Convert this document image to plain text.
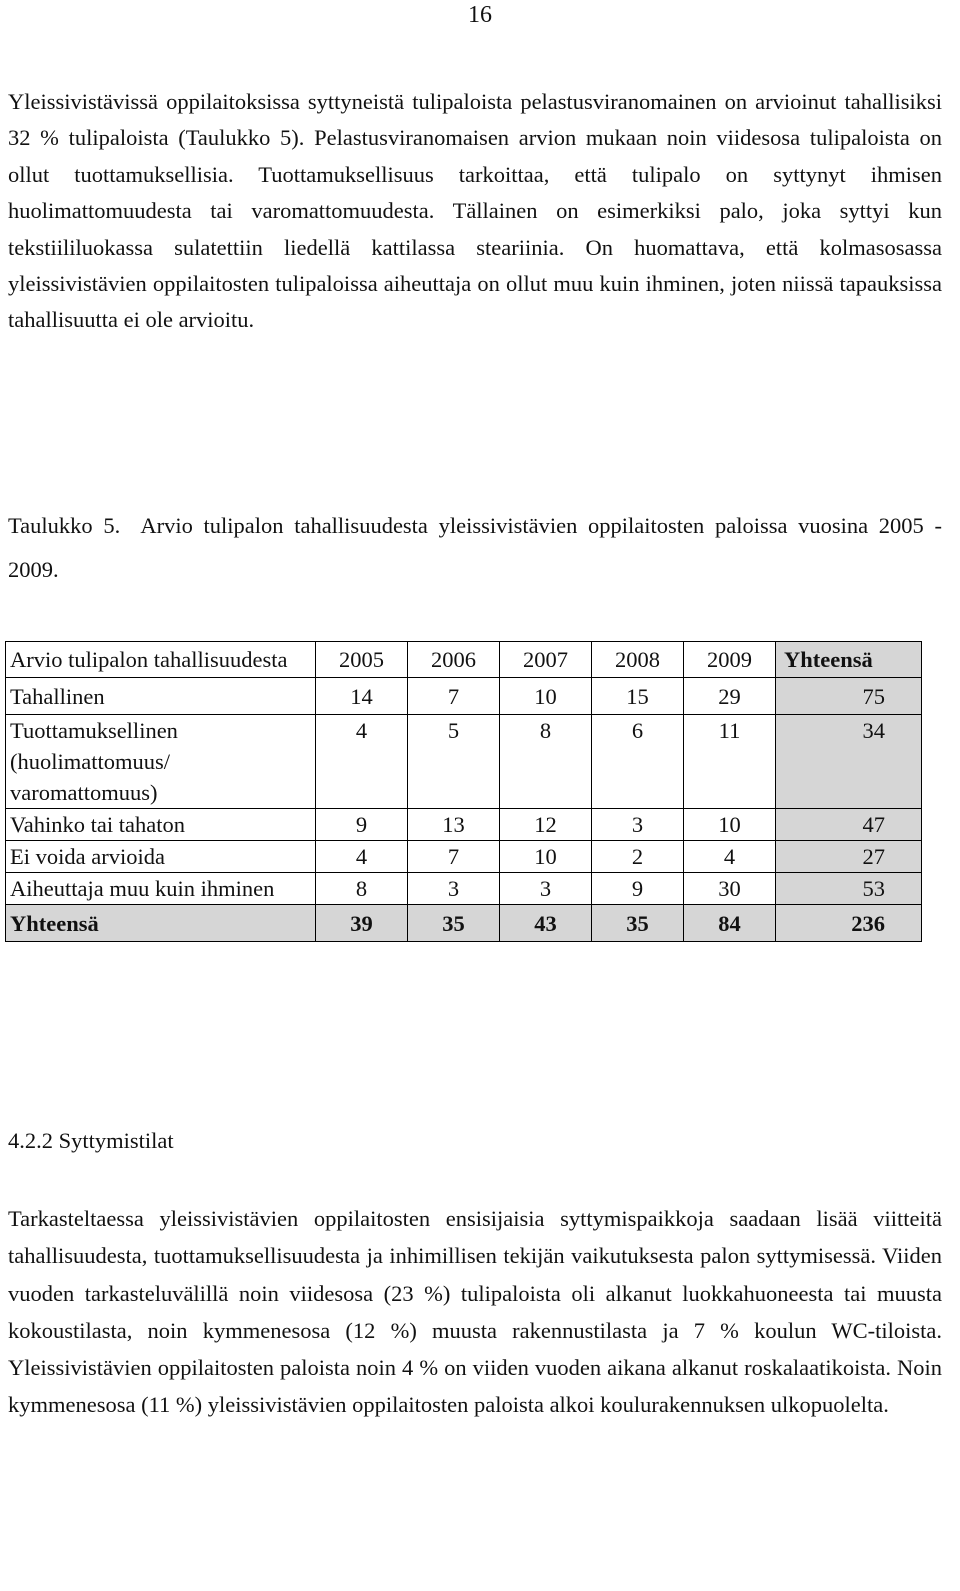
16

Yleissivistävissä oppilaitoksissa syttyneistä tulipaloista pelastusviranomainen on arvioinut tahallisiksi 32 % tulipaloista (Taulukko 5). Pelastusviranomaisen arvion mukaan noin viidesosa tulipaloista on ollut tuottamuksellisia. Tuottamuksellisuus tarkoittaa, että tulipalo on syttynyt ihmisen huolimattomuudesta tai varomattomuudesta. Tällainen on esimerkiksi palo, joka syttyi kun tekstiililuokassa sulatettiin liedellä kattilassa steariinia. On huomattava, että kolmasosassa yleissivistävien oppilaitosten tulipaloissa aiheuttaja on ollut muu kuin ihminen, joten niissä tapauksissa tahallisuutta ei ole arvioitu.

Taulukko 5.  Arvio tulipalon tahallisuudesta yleissivistävien oppilaitosten paloissa vuosina 2005 - 2009.

Arvio tulipalon tahallisuudesta	2005	2006	2007	2008	2009	Yhteensä
Tahallinen	14	7	10	15	29	75
Tuottamuksellinen (huolimattomuus/ varomattomuus)	4	5	8	6	11	34
Vahinko tai tahaton	9	13	12	3	10	47
Ei voida arvioida	4	7	10	2	4	27
Aiheuttaja muu kuin ihminen	8	3	3	9	30	53
Yhteensä	39	35	43	35	84	236
4.2.2 Syttymistilat

Tarkasteltaessa yleissivistävien oppilaitosten ensisijaisia syttymispaikkoja saadaan lisää viitteitä tahallisuudesta, tuottamuksellisuudesta ja inhimillisen tekijän vaikutuksesta palon syttymisessä. Viiden vuoden tarkasteluvälillä noin viidesosa (23 %) tulipaloista oli alkanut luokkahuoneesta tai muusta kokoustilasta, noin kymmenesosa (12 %) muusta rakennustilasta ja 7 % koulun WC-tiloista. Yleissivistävien oppilaitosten paloista noin 4 % on viiden vuoden aikana alkanut roskalaatikoista. Noin kymmenesosa (11 %) yleissivistävien oppilaitosten paloista alkoi koulurakennuksen ulkopuolelta.
